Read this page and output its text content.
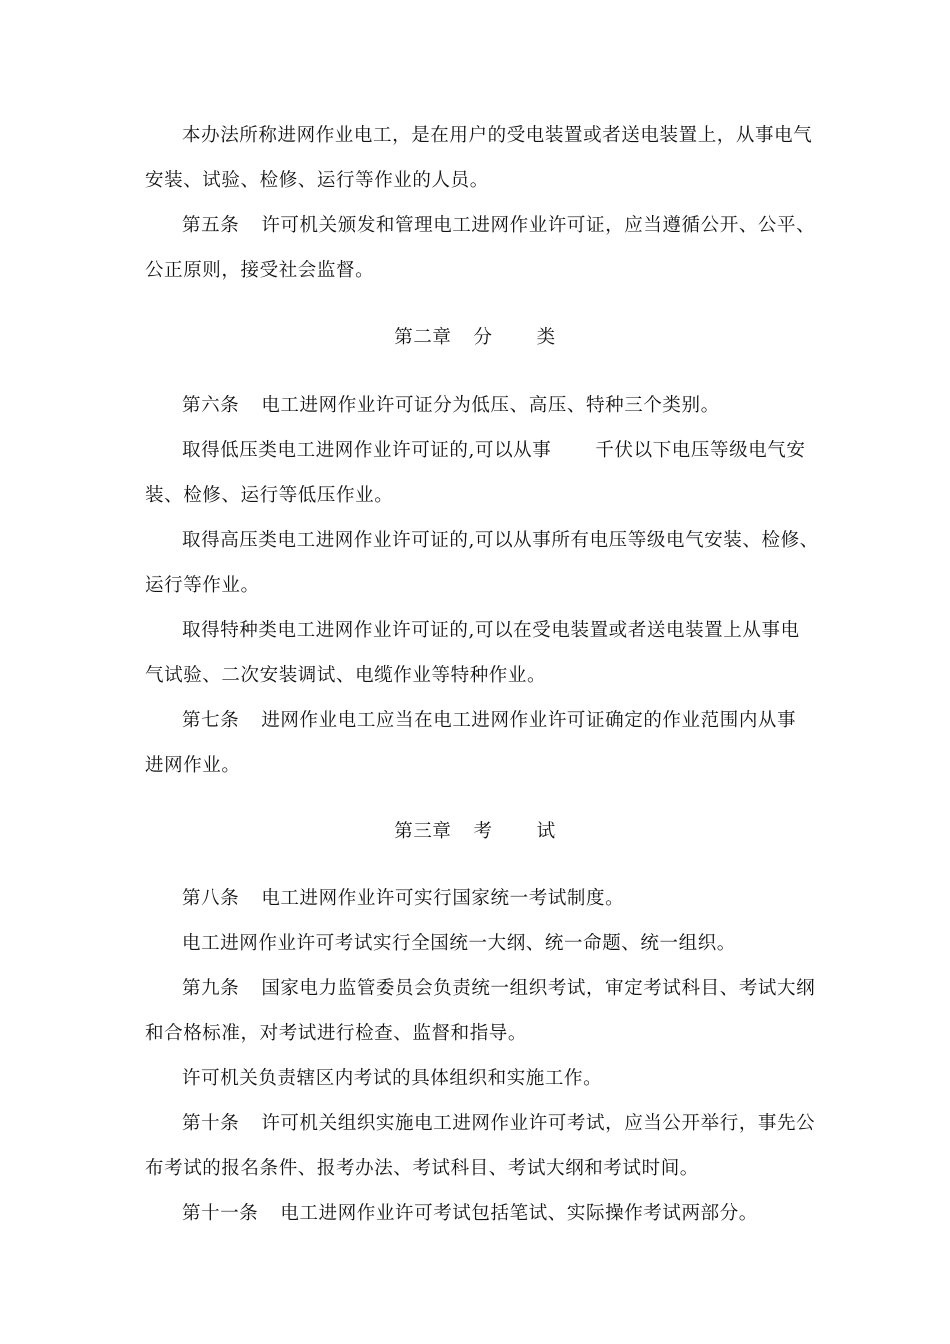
本办法所称进网作业电工，是在用户的受电装置或者送电装置上，从事电气
安装、试验、检修、运行等作业的人员。
第五条 许可机关颁发和管理电工进网作业许可证，应当遵循公开、公平、
公正原则，接受社会监督。
第二章 分 类
第六条 电工进网作业许可证分为低压、高压、特种三个类别。
取得低压类电工进网作业许可证的,可以从事 千伏以下电压等级电气安
装、检修、运行等低压作业。
取得高压类电工进网作业许可证的,可以从事所有电压等级电气安装、检修、
运行等作业。
取得特种类电工进网作业许可证的,可以在受电装置或者送电装置上从事电
气试验、二次安装调试、电缆作业等特种作业。
第七条 进网作业电工应当在电工进网作业许可证确定的作业范围内从事
进网作业。
第三章 考 试
第八条 电工进网作业许可实行国家统一考试制度。
电工进网作业许可考试实行全国统一大纲、统一命题、统一组织。
第九条 国家电力监管委员会负责统一组织考试，审定考试科目、考试大纲
和合格标准，对考试进行检查、监督和指导。
许可机关负责辖区内考试的具体组织和实施工作。
第十条 许可机关组织实施电工进网作业许可考试，应当公开举行，事先公
布考试的报名条件、报考办法、考试科目、考试大纲和考试时间。
第十一条 电工进网作业许可考试包括笔试、实际操作考试两部分。
